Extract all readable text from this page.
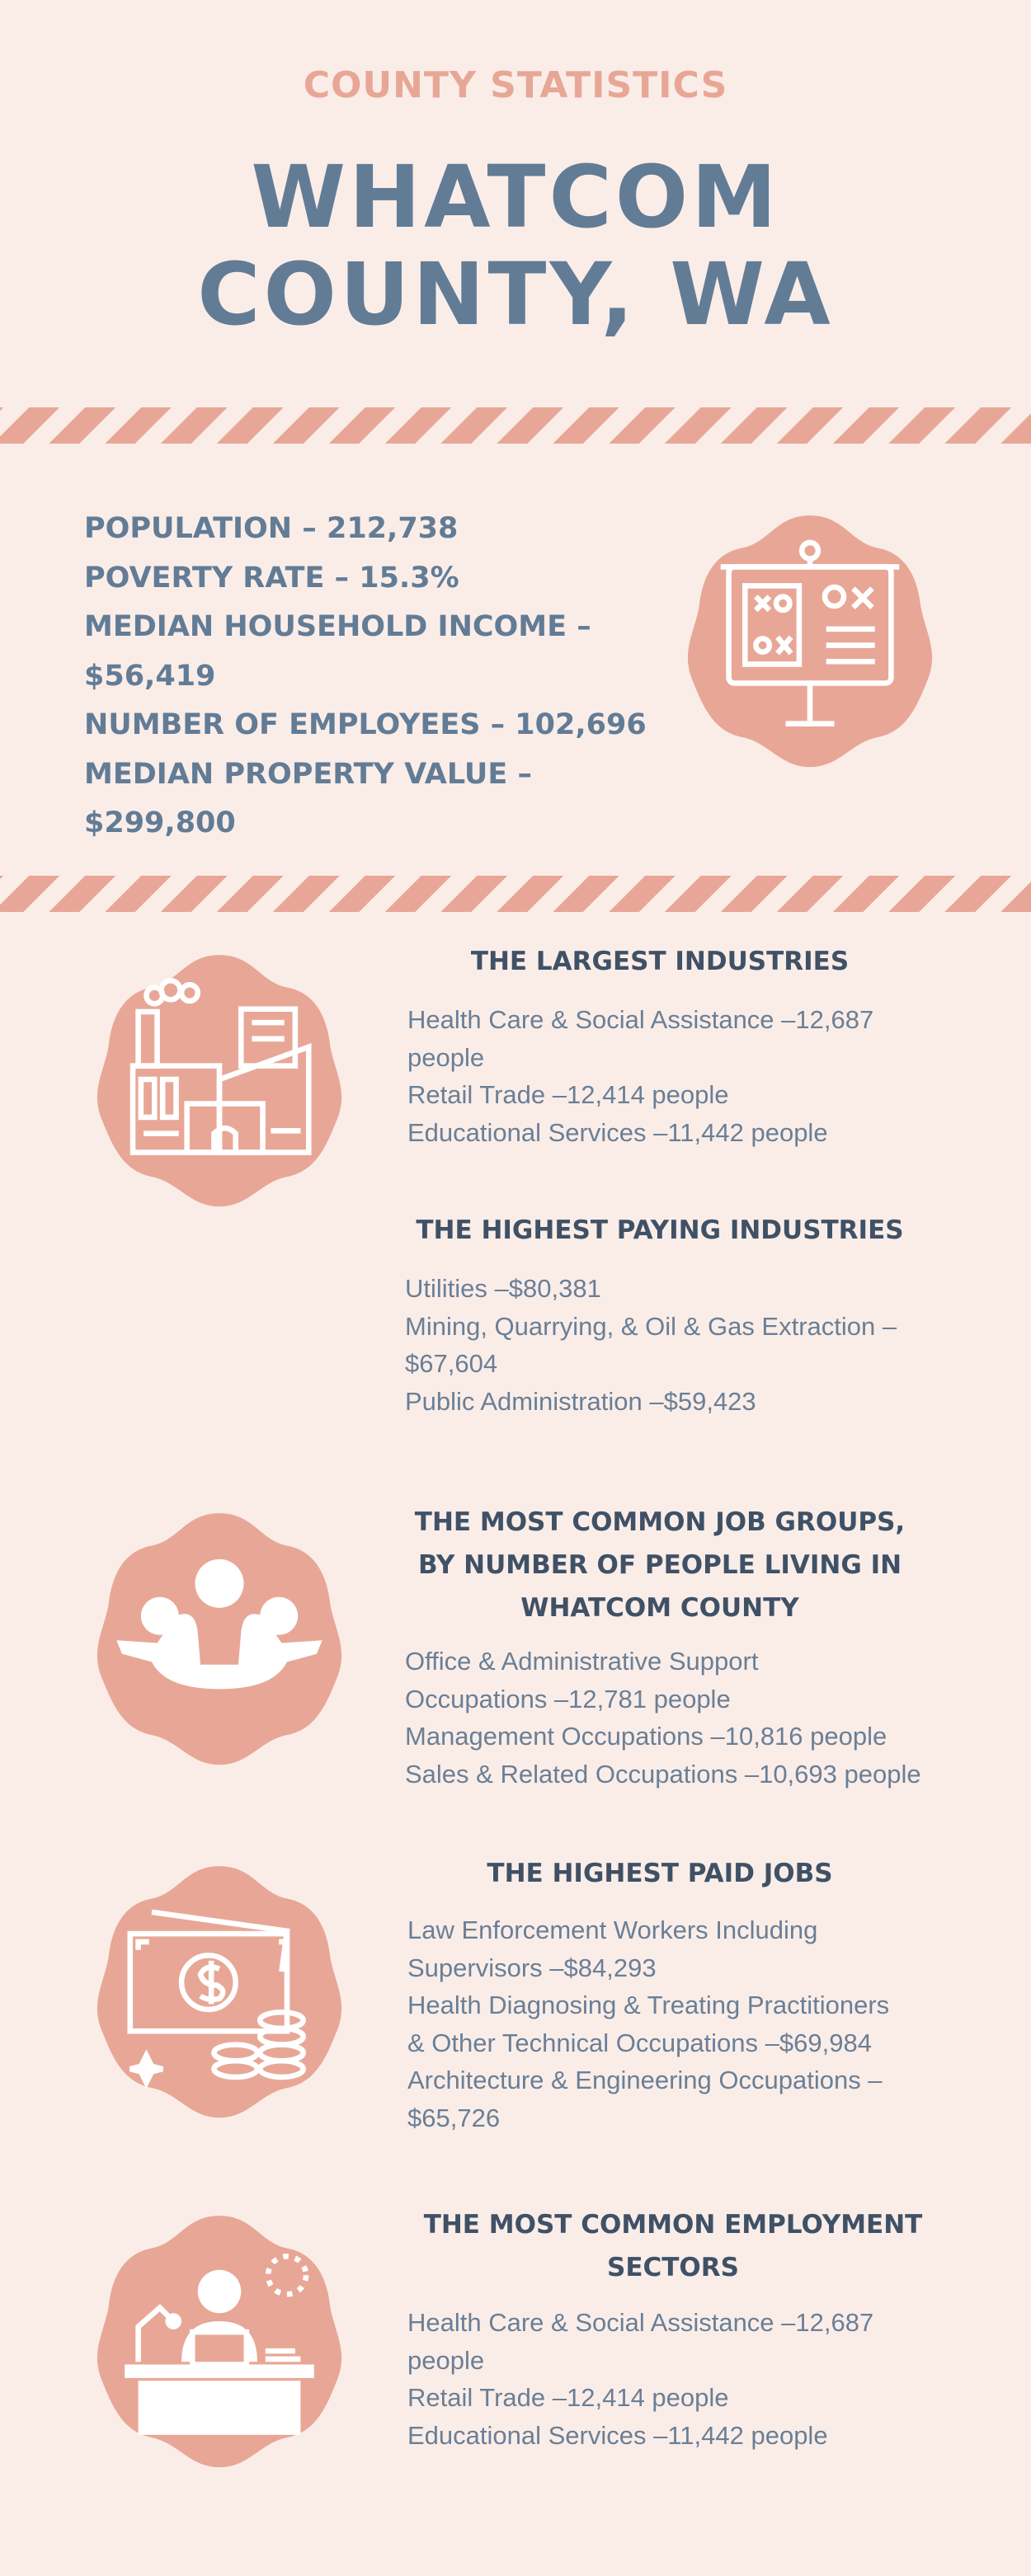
COUNTY STATISTICS
WHATCOM
COUNTY, WA

POPULATION – 212,738

POVERTY RATE – 15.3%

MEDIAN HOUSEHOLD INCOME –

$56,419

NUMBER OF EMPLOYEES – 102,696

MEDIAN PROPERTY VALUE –

$299,800

THE LARGEST INDUSTRIES

Health Care & Social Assistance –12,687

people

Retail Trade –12,414 people

Educational Services –11,442 people

THE HIGHEST PAYING INDUSTRIES

Utilities –$80,381

Mining, Quarrying, & Oil & Gas Extraction –

$67,604

Public Administration –$59,423

THE MOST COMMON JOB GROUPS,
BY NUMBER OF PEOPLE LIVING IN
WHATCOM COUNTY

Office & Administrative Support

Occupations –12,781 people

Management Occupations –10,816 people

Sales & Related Occupations –10,693 people

THE HIGHEST PAID JOBS

Law Enforcement Workers Including

Supervisors –$84,293

Health Diagnosing & Treating Practitioners

& Other Technical Occupations –$69,984

Architecture & Engineering Occupations –

$65,726

THE MOST COMMON EMPLOYMENT
SECTORS

Health Care & Social Assistance –12,687

people

Retail Trade –12,414 people

Educational Services –11,442 people
